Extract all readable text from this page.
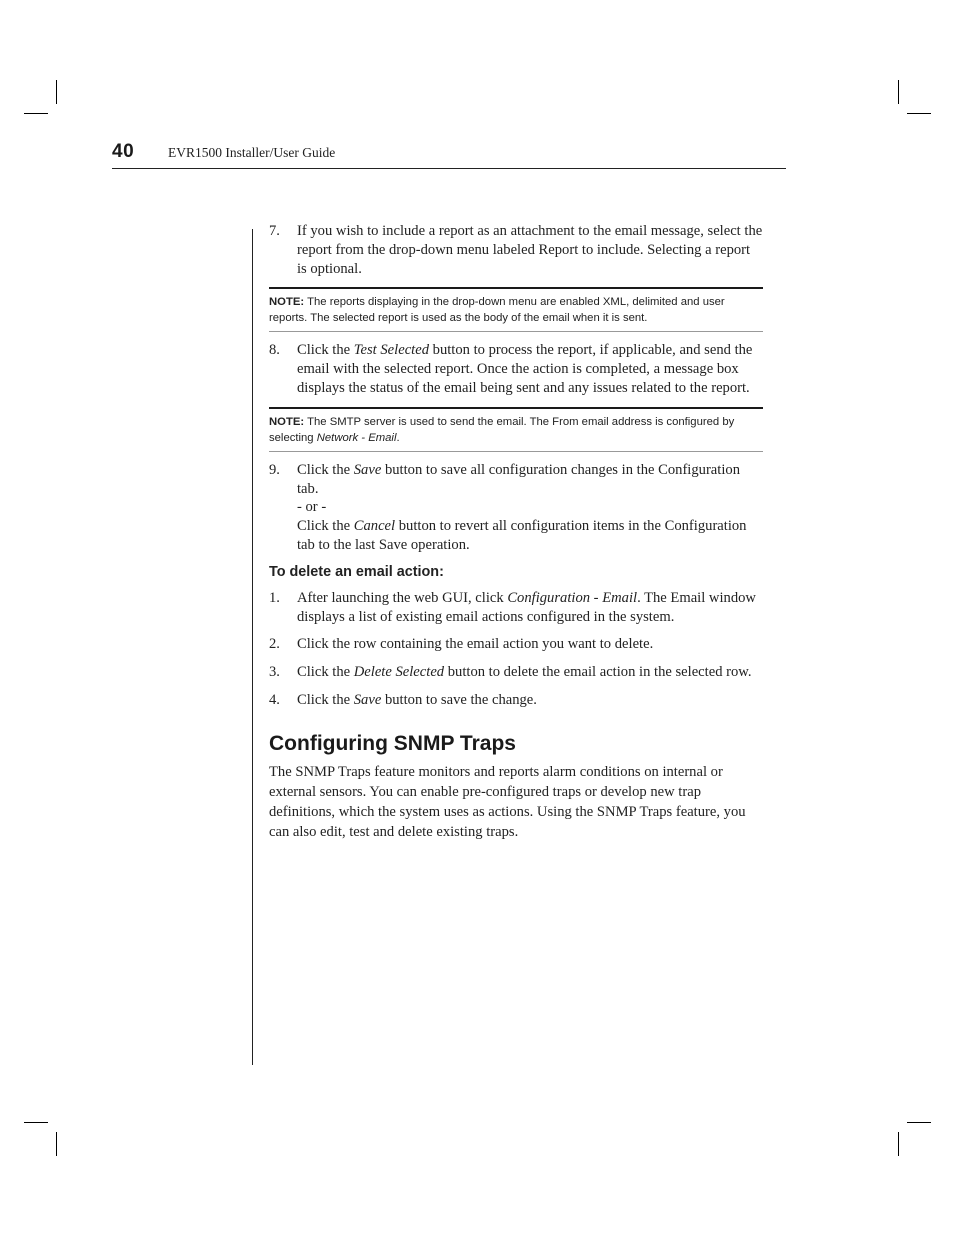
40	EVR1500 Installer/User Guide
7. If you wish to include a report as an attachment to the email message, select the report from the drop-down menu labeled Report to include. Selecting a report is optional.
NOTE: The reports displaying in the drop-down menu are enabled XML, delimited and user reports. The selected report is used as the body of the email when it is sent.
8. Click the Test Selected button to process the report, if applicable, and send the email with the selected report. Once the action is completed, a message box displays the status of the email being sent and any issues related to the report.
NOTE: The SMTP server is used to send the email. The From email address is configured by selecting Network - Email.
9. Click the Save button to save all configuration changes in the Configuration tab.
- or -
Click the Cancel button to revert all configuration items in the Configuration tab to the last Save operation.
To delete an email action:
1. After launching the web GUI, click Configuration - Email. The Email window displays a list of existing email actions configured in the system.
2. Click the row containing the email action you want to delete.
3. Click the Delete Selected button to delete the email action in the selected row.
4. Click the Save button to save the change.
Configuring SNMP Traps
The SNMP Traps feature monitors and reports alarm conditions on internal or external sensors. You can enable pre-configured traps or develop new trap definitions, which the system uses as actions. Using the SNMP Traps feature, you can also edit, test and delete existing traps.
